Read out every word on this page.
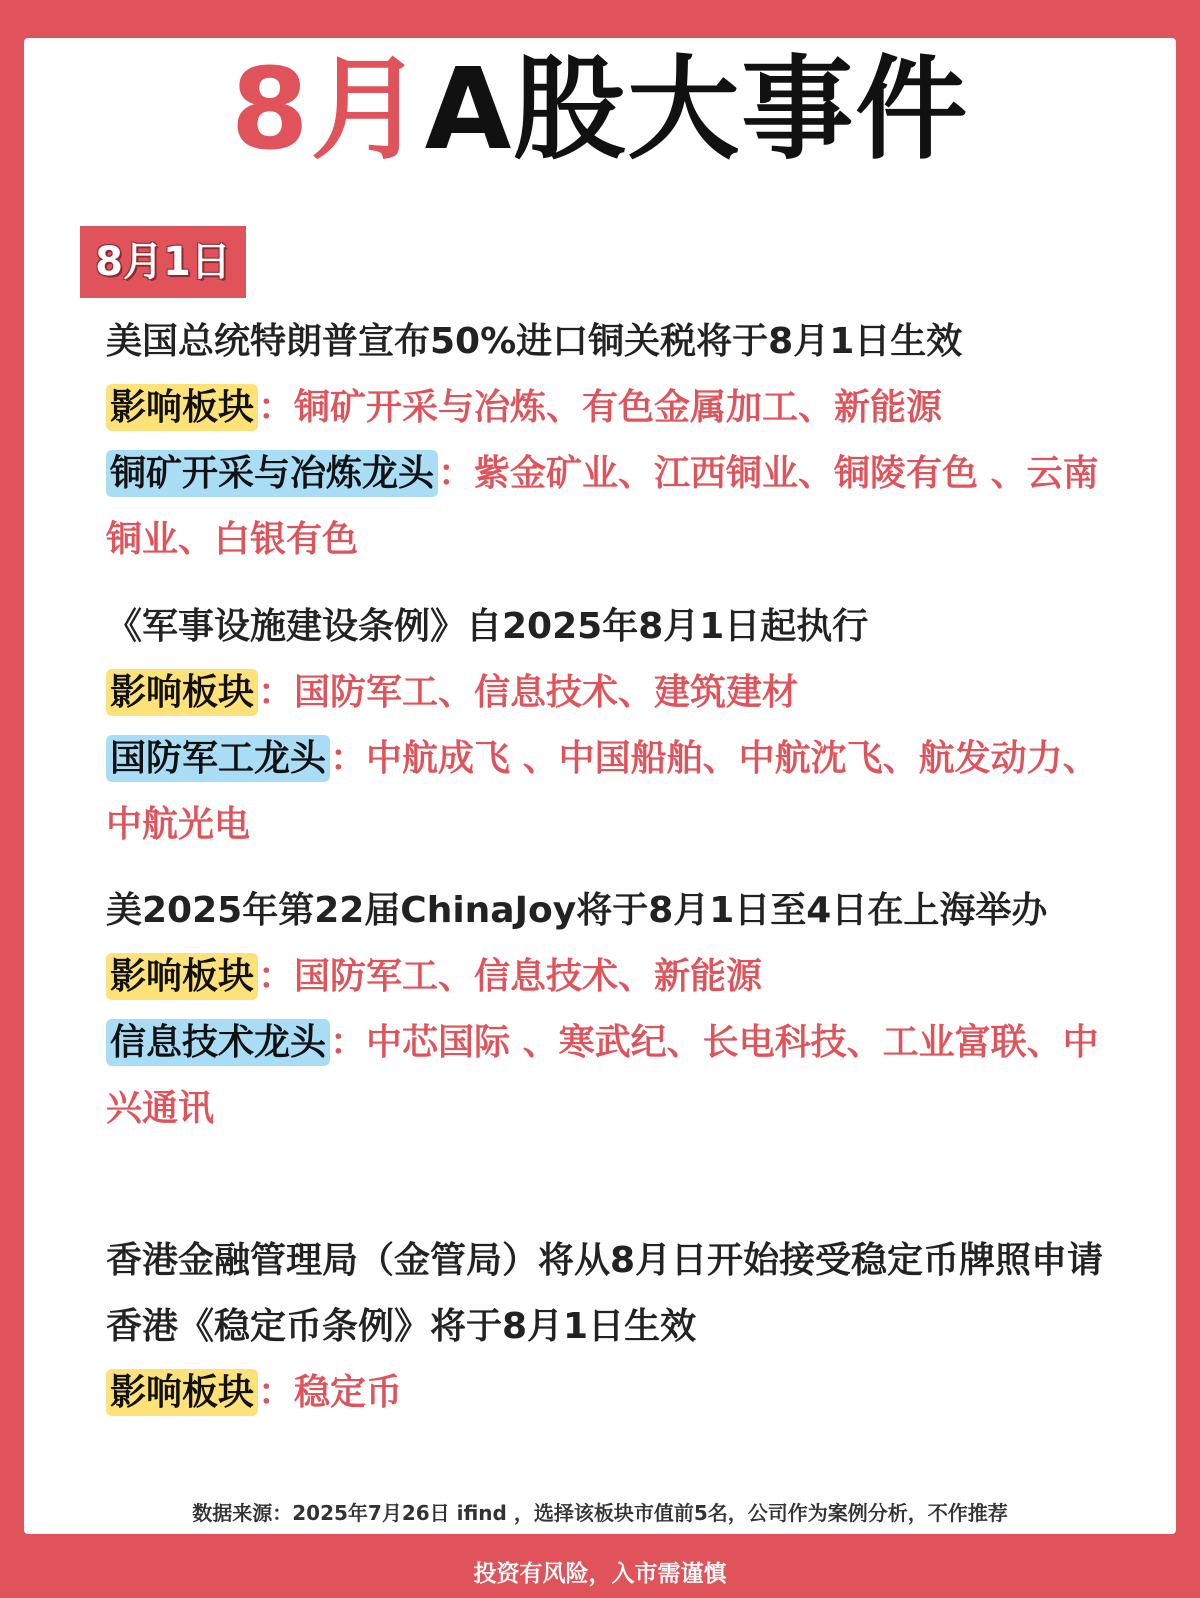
8月A股大事件
8月1日
美国总统特朗普宣布50%进口铜关税将于8月1日生效
影响板块 ：铜矿开采与冶炼、有色金属加工、新能源
铜矿开采与冶炼龙头 ：紫金矿业、江西铜业、铜陵有色 、云南铜业、白银有色
《军事设施建设条例》自2025年8月1日起执行
影响板块 ：国防军工、信息技术、建筑建材
国防军工龙头 ：中航成飞 、中国船舶、中航沈飞、航发动力、中航光电
美2025年第22届ChinaJoy将于8月1日至4日在上海举办
影响板块 ：国防军工、信息技术、新能源
信息技术龙头 ：中芯国际 、寒武纪、长电科技、工业富联、中兴通讯
香港金融管理局（金管局）将从8月日开始接受稳定币牌照申请
香港《稳定币条例》将于8月1日生效
影响板块 ：稳定币
数据来源：2025年7月26日 ifind ，选择该板块市值前5名，公司作为案例分析，不作推荐
投资有风险，入市需谨慎
